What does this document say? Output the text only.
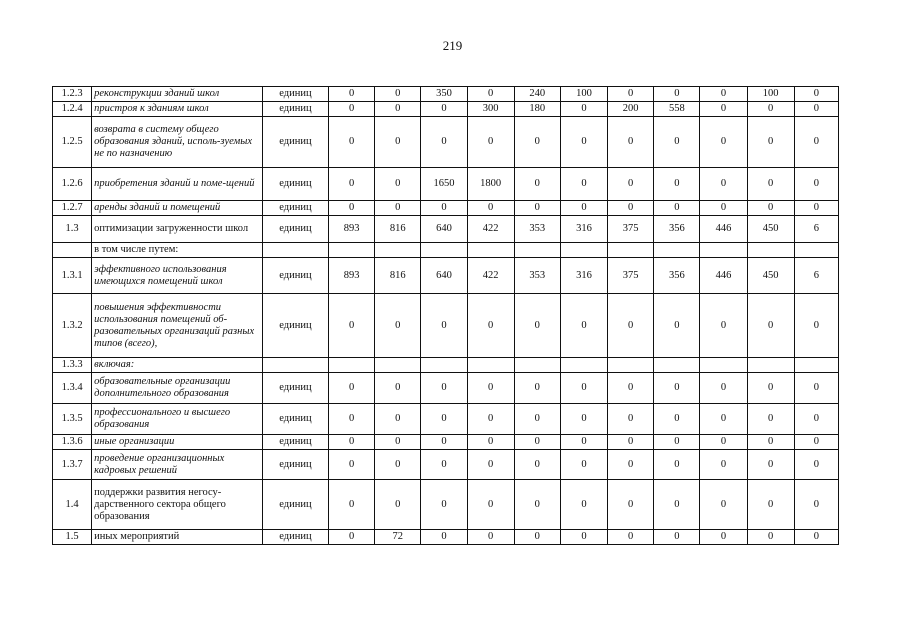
219
1.2.3	реконструкции зданий школ	единиц	0	0	350	0	240	100	0	0	0	100	0
1.2.4	пристроя к зданиям школ	единиц	0	0	0	300	180	0	200	558	0	0	0
1.2.5	возврата в систему общего образования зданий, исполь-зуемых не по назначению	единиц	0	0	0	0	0	0	0	0	0	0	0
1.2.6	приобретения зданий и поме-щений	единиц	0	0	1650	1800	0	0	0	0	0	0	0
1.2.7	аренды зданий и помещений	единиц	0	0	0	0	0	0	0	0	0	0	0
1.3	оптимизации загруженности школ	единиц	893	816	640	422	353	316	375	356	446	450	6
	в том числе путем:												
1.3.1	эффективного использования имеющихся помещений школ	единиц	893	816	640	422	353	316	375	356	446	450	6
1.3.2	повышения эффективности использования помещений об-разовательных организаций разных типов (всего),	единиц	0	0	0	0	0	0	0	0	0	0	0
1.3.3	включая:												
1.3.4	образовательные организации дополнительного образования	единиц	0	0	0	0	0	0	0	0	0	0	0
1.3.5	профессионального и высшего образования	единиц	0	0	0	0	0	0	0	0	0	0	0
1.3.6	иные организации	единиц	0	0	0	0	0	0	0	0	0	0	0
1.3.7	проведение организационных кадровых решений	единиц	0	0	0	0	0	0	0	0	0	0	0
1.4	поддержки развития негосу-дарственного сектора общего образования	единиц	0	0	0	0	0	0	0	0	0	0	0
1.5	иных мероприятий	единиц	0	72	0	0	0	0	0	0	0	0	0
